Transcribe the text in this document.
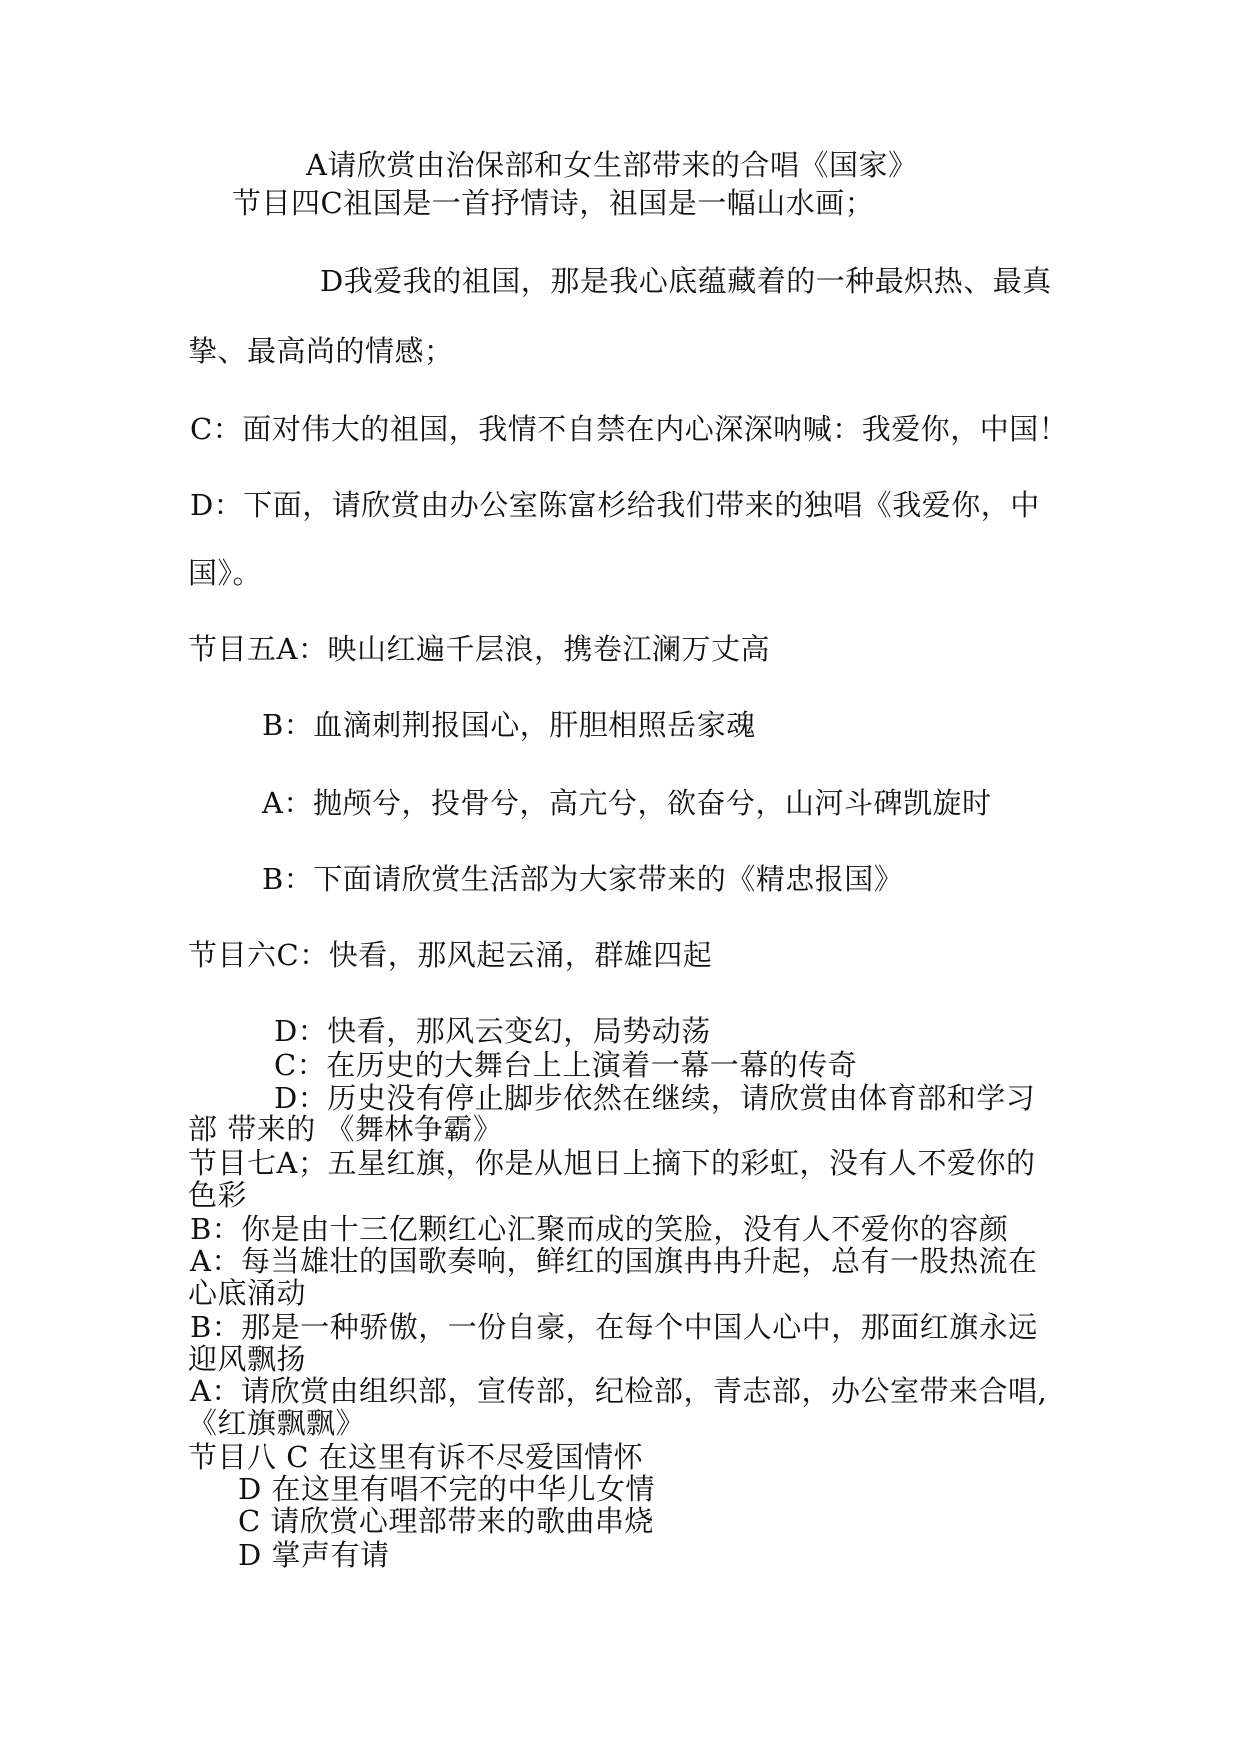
A请欣赏由治保部和女生部带来的合唱《国家》
节目四C祖国是一首抒情诗，祖国是一幅山水画；
D我爱我的祖国，那是我心底蕴藏着的一种最炽热、最真
挚、最高尚的情感；
C：面对伟大的祖国，我情不自禁在内心深深呐喊：我爱你，中国！
D：下面，请欣赏由办公室陈富杉给我们带来的独唱《我爱你，中
国》。
节目五A：映山红遍千层浪，携卷江澜万丈高
B：血滴刺荆报国心，肝胆相照岳家魂
A：抛颅兮，投骨兮，高亢兮，欲奋兮，山河斗碑凯旋时
B：下面请欣赏生活部为大家带来的《精忠报国》
节目六C：快看，那风起云涌，群雄四起
D：快看，那风云变幻，局势动荡
C：在历史的大舞台上上演着一幕一幕的传奇
D：历史没有停止脚步依然在继续，请欣赏由体育部和学习
部 带来的 《舞林争霸》
节目七A；五星红旗，你是从旭日上摘下的彩虹，没有人不爱你的
色彩
B：你是由十三亿颗红心汇聚而成的笑脸，没有人不爱你的容颜
A：每当雄壮的国歌奏响，鲜红的国旗冉冉升起，总有一股热流在
心底涌动
B：那是一种骄傲，一份自豪，在每个中国人心中，那面红旗永远
迎风飘扬
A：请欣赏由组织部，宣传部，纪检部，青志部，办公室带来合唱,
《红旗飘飘》
节目八 C 在这里有诉不尽爱国情怀
D 在这里有唱不完的中华儿女情
C 请欣赏心理部带来的歌曲串烧
D 掌声有请
